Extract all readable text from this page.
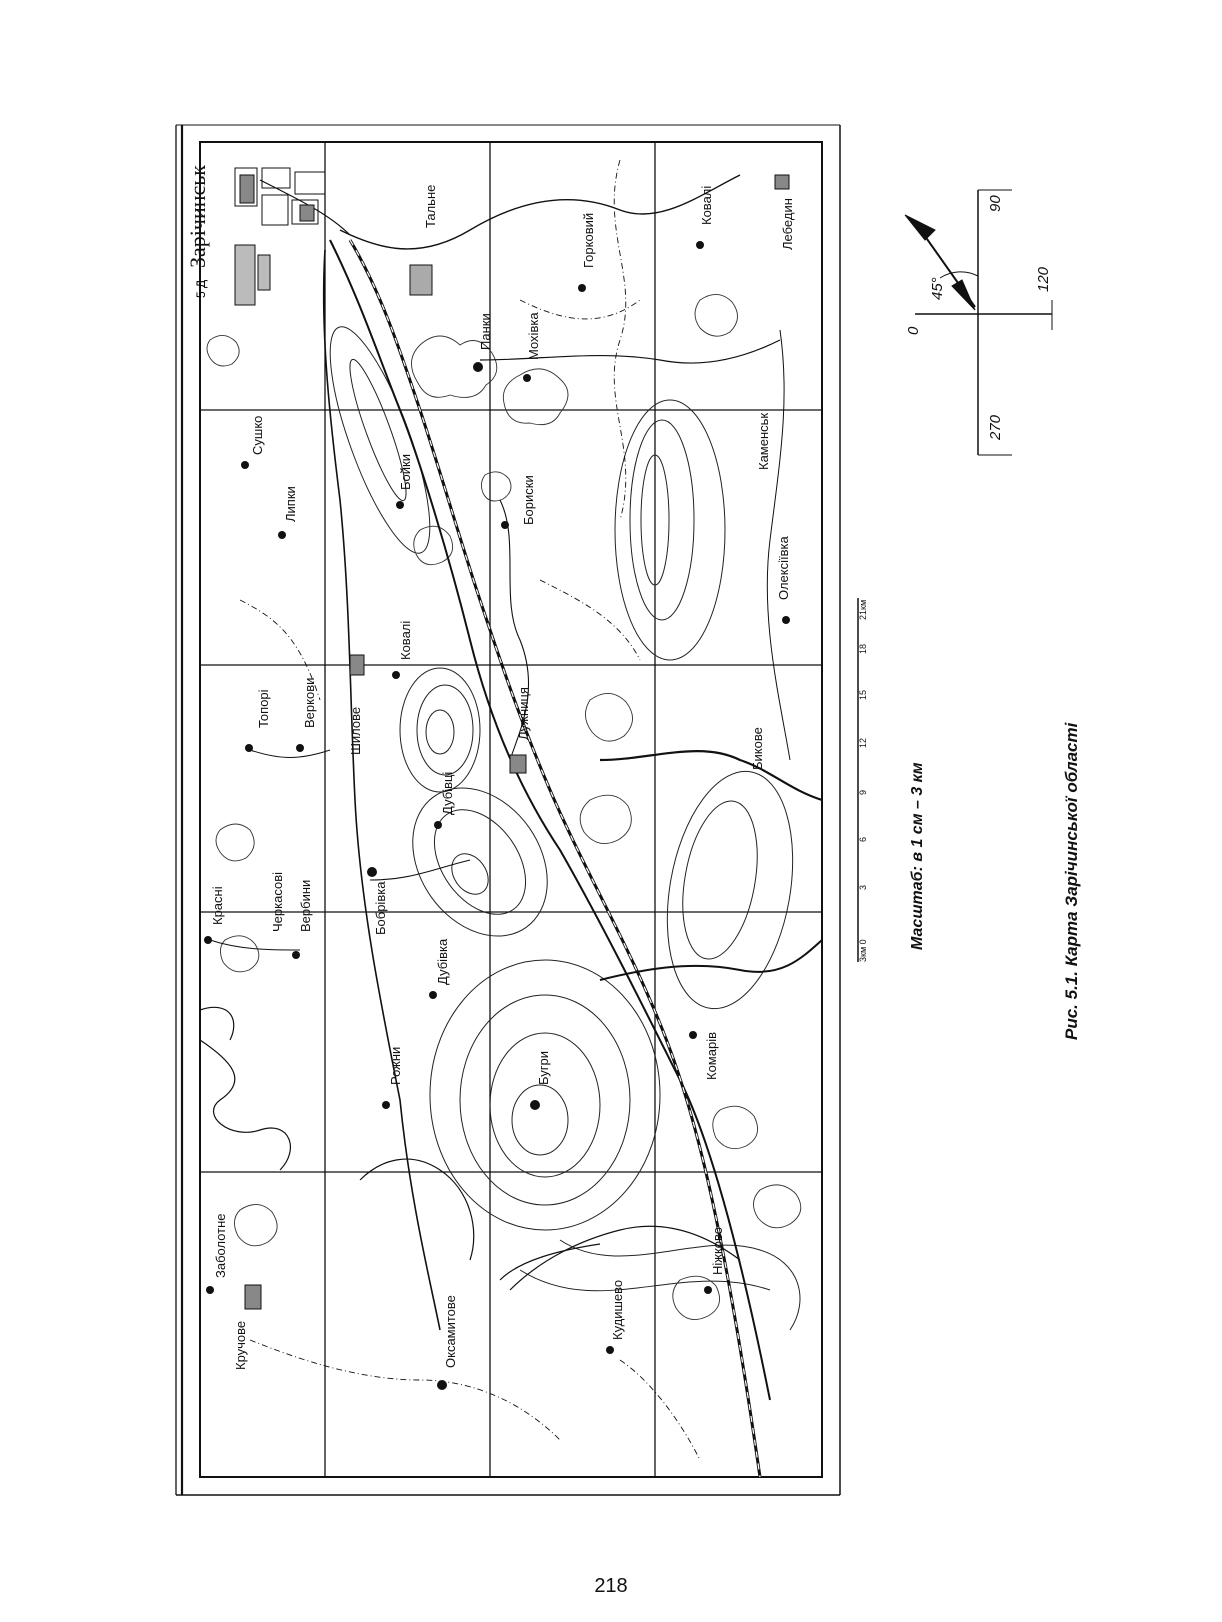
Зарічинськ
5 Д
Тальне
Горковий
Ковалі	Лебедин
Панки	Мохівка
Сушко
Липки
Бойки
Бориски
Каменськ
Краснi
Топорі Веркови
Ковалі
Шилове	Лужниця
Олексіївка
Бикове
Черкасові Вербини	Бобрівка
Дубівці
Дубівка
Рожни	Бугри	Комарів
Заболотне
Кручове	Оксамитове	Кудишево
Ніжково
3км 0
3
6
9
12
15
18
21км
Масштаб: в 1 см – 3 км
0
90
120
270
45°
Рис. 5.1. Карта Зарічинської області
218
